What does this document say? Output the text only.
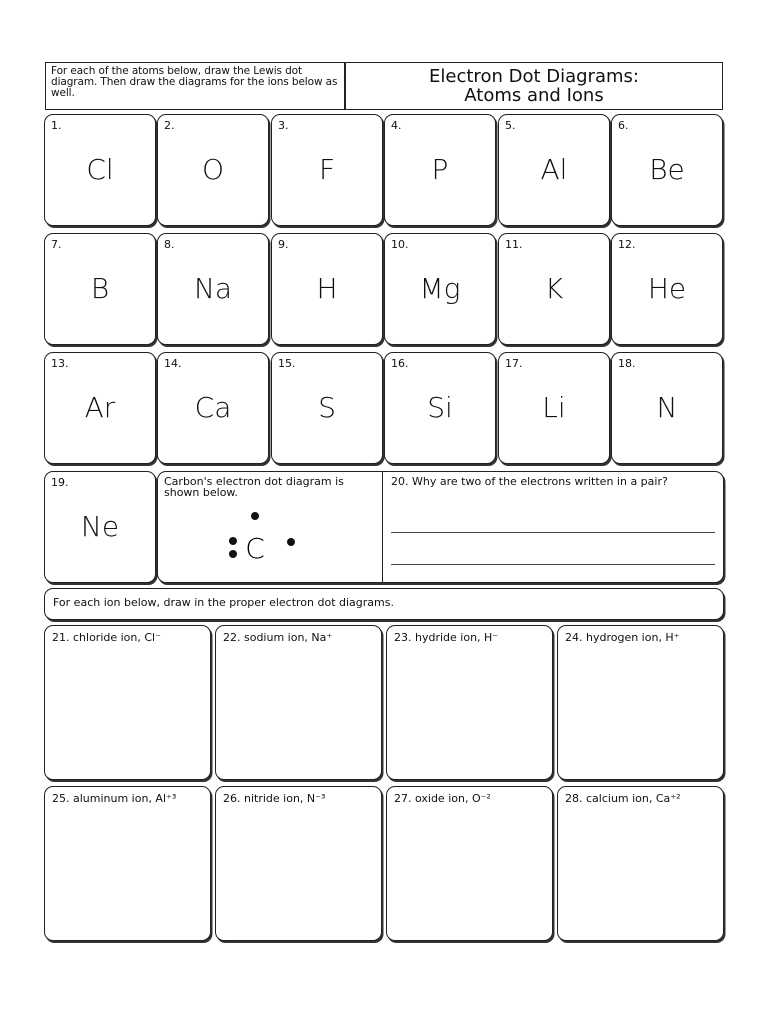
For each of the atoms below, draw the Lewis dot diagram. Then draw the diagrams for the ions below as well.
Electron Dot Diagrams:
Atoms and Ions
1.
Cl
2.
O
3.
F
4.
P
5.
Al
6.
Be
7.
B
8.
Na
9.
H
10.
Mg
11.
K
12.
He
13.
Ar
14.
Ca
15.
S
16.
Si
17.
Li
18.
N
19.
Ne
Carbon's electron dot diagram is shown below.
C
20. Why are two of the electrons written in a pair?
For each ion below, draw in the proper electron dot diagrams.
21. chloride ion, Cl⁻	22. sodium ion, Na⁺	23. hydride ion, H⁻	24. hydrogen ion, H⁺
25. aluminum ion, Al⁺³	26. nitride ion, N⁻³	27. oxide ion, O⁻²	28. calcium ion, Ca⁺²
